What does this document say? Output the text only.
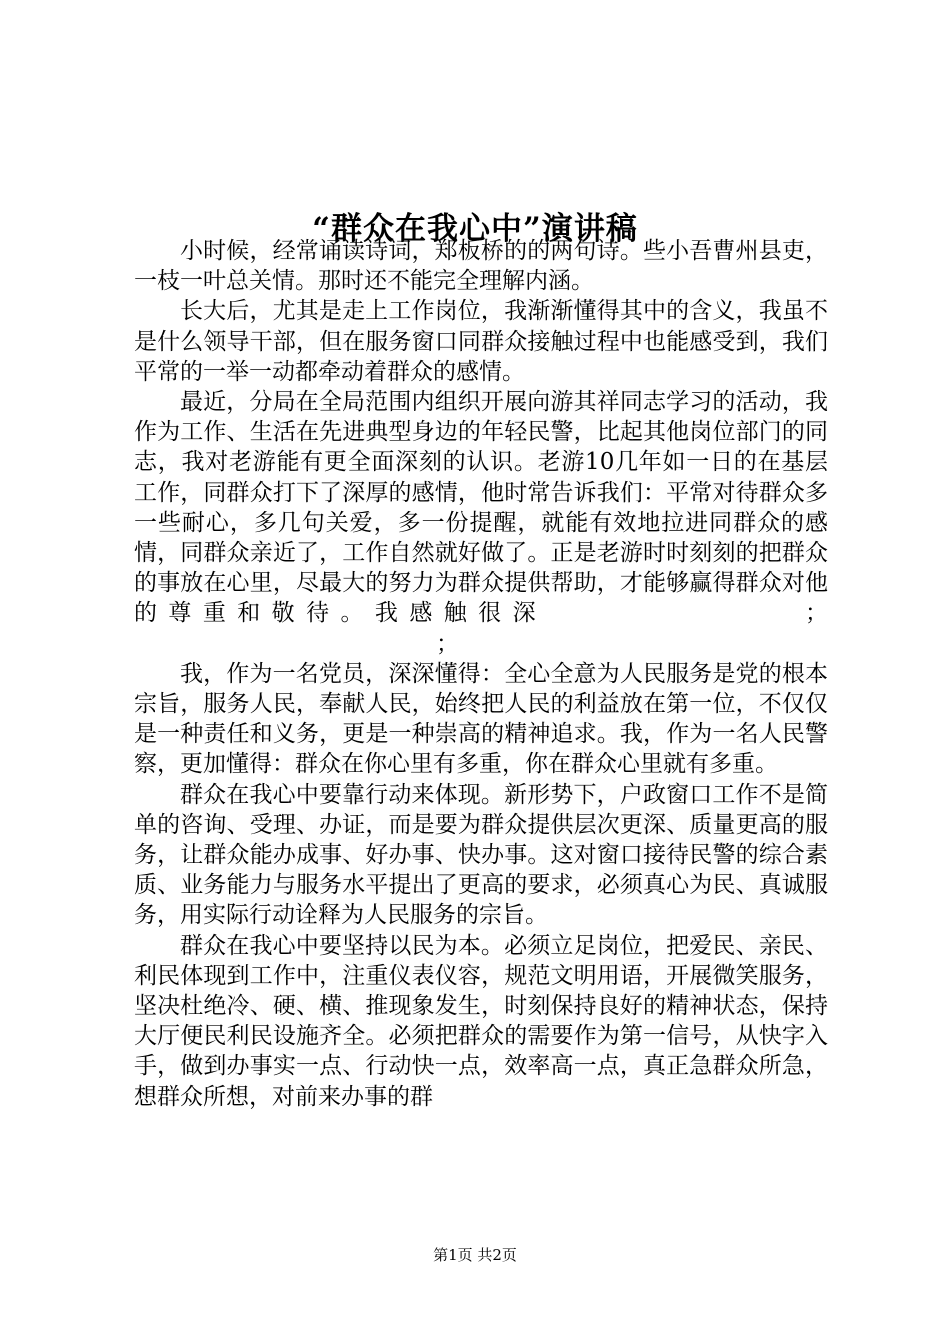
“群众在我心中”演讲稿

小时候，经常诵读诗词，郑板桥的的两句诗。些小吾曹州县吏，一枝一叶总关情。那时还不能完全理解内涵。

长大后，尤其是走上工作岗位，我渐渐懂得其中的含义，我虽不是什么领导干部，但在服务窗口同群众接触过程中也能感受到，我们平常的一举一动都牵动着群众的感情。

最近，分局在全局范围内组织开展向游其祥同志学习的活动，我作为工作、生活在先进典型身边的年轻民警，比起其他岗位部门的同志，我对老游能有更全面深刻的认识。老游10几年如一日的在基层工作，同群众打下了深厚的感情，他时常告诉我们：平常对待群众多一些耐心，多几句关爱，多一份提醒，就能有效地拉进同群众的感情，同群众亲近了，工作自然就好做了。正是老游时时刻刻的把群众的事放在心里，尽最大的努力为群众提供帮助，才能够赢得群众对他的尊重和敬待。我感触很深	；；

我，作为一名党员，深深懂得：全心全意为人民服务是党的根本宗旨，服务人民，奉献人民，始终把人民的利益放在第一位，不仅仅是一种责任和义务，更是一种崇高的精神追求。我，作为一名人民警察，更加懂得：群众在你心里有多重，你在群众心里就有多重。

群众在我心中要靠行动来体现。新形势下，户政窗口工作不是简单的咨询、受理、办证，而是要为群众提供层次更深、质量更高的服务，让群众能办成事、好办事、快办事。这对窗口接待民警的综合素质、业务能力与服务水平提出了更高的要求，必须真心为民、真诚服务，用实际行动诠释为人民服务的宗旨。

群众在我心中要坚持以民为本。必须立足岗位，把爱民、亲民、利民体现到工作中，注重仪表仪容，规范文明用语，开展微笑服务，坚决杜绝冷、硬、横、推现象发生，时刻保持良好的精神状态，保持大厅便民利民设施齐全。必须把群众的需要作为第一信号，从快字入手，做到办事实一点、行动快一点，效率高一点，真正急群众所急，想群众所想，对前来办事的群

第1页 共2页
